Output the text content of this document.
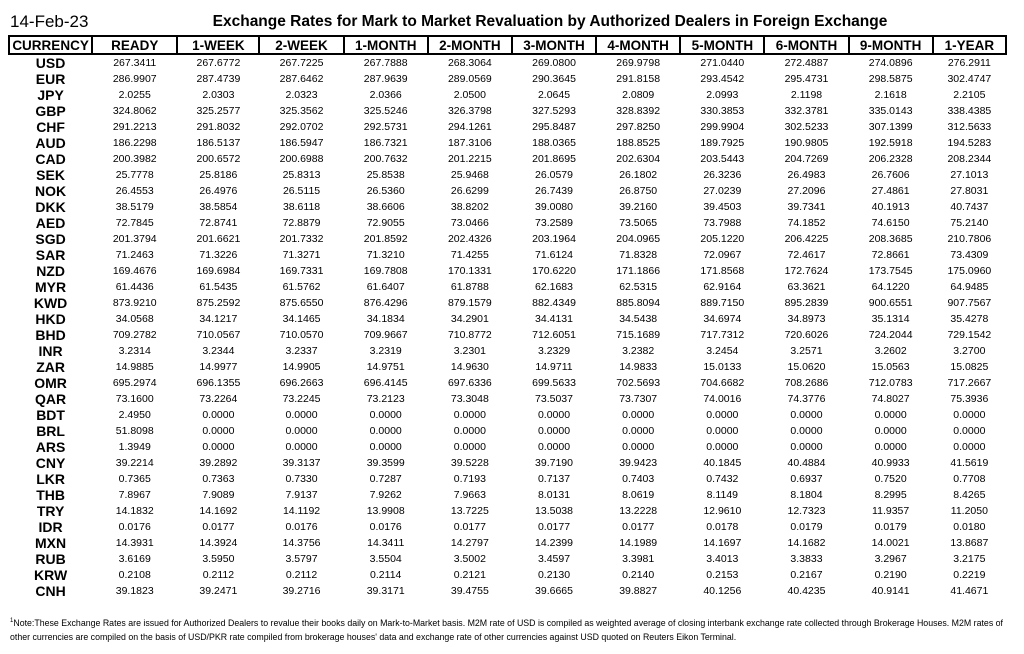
14-Feb-23	Exchange Rates for Mark to Market Revaluation by Authorized Dealers in Foreign Exchange
CURRENCY	READY	1-WEEK	2-WEEK	1-MONTH	2-MONTH	3-MONTH	4-MONTH	5-MONTH	6-MONTH	9-MONTH	1-YEAR
USD	267.3411	267.6772	267.7225	267.7888	268.3064	269.0800	269.9798	271.0440	272.4887	274.0896	276.2911
EUR	286.9907	287.4739	287.6462	287.9639	289.0569	290.3645	291.8158	293.4542	295.4731	298.5875	302.4747
JPY	2.0255	2.0303	2.0323	2.0366	2.0500	2.0645	2.0809	2.0993	2.1198	2.1618	2.2105
GBP	324.8062	325.2577	325.3562	325.5246	326.3798	327.5293	328.8392	330.3853	332.3781	335.0143	338.4385
CHF	291.2213	291.8032	292.0702	292.5731	294.1261	295.8487	297.8250	299.9904	302.5233	307.1399	312.5633
AUD	186.2298	186.5137	186.5947	186.7321	187.3106	188.0365	188.8525	189.7925	190.9805	192.5918	194.5283
CAD	200.3982	200.6572	200.6988	200.7632	201.2215	201.8695	202.6304	203.5443	204.7269	206.2328	208.2344
SEK	25.7778	25.8186	25.8313	25.8538	25.9468	26.0579	26.1802	26.3236	26.4983	26.7606	27.1013
NOK	26.4553	26.4976	26.5115	26.5360	26.6299	26.7439	26.8750	27.0239	27.2096	27.4861	27.8031
DKK	38.5179	38.5854	38.6118	38.6606	38.8202	39.0080	39.2160	39.4503	39.7341	40.1913	40.7437
AED	72.7845	72.8741	72.8879	72.9055	73.0466	73.2589	73.5065	73.7988	74.1852	74.6150	75.2140
SGD	201.3794	201.6621	201.7332	201.8592	202.4326	203.1964	204.0965	205.1220	206.4225	208.3685	210.7806
SAR	71.2463	71.3226	71.3271	71.3210	71.4255	71.6124	71.8328	72.0967	72.4617	72.8661	73.4309
NZD	169.4676	169.6984	169.7331	169.7808	170.1331	170.6220	171.1866	171.8568	172.7624	173.7545	175.0960
MYR	61.4436	61.5435	61.5762	61.6407	61.8788	62.1683	62.5315	62.9164	63.3621	64.1220	64.9485
KWD	873.9210	875.2592	875.6550	876.4296	879.1579	882.4349	885.8094	889.7150	895.2839	900.6551	907.7567
HKD	34.0568	34.1217	34.1465	34.1834	34.2901	34.4131	34.5438	34.6974	34.8973	35.1314	35.4278
BHD	709.2782	710.0567	710.0570	709.9667	710.8772	712.6051	715.1689	717.7312	720.6026	724.2044	729.1542
INR	3.2314	3.2344	3.2337	3.2319	3.2301	3.2329	3.2382	3.2454	3.2571	3.2602	3.2700
ZAR	14.9885	14.9977	14.9905	14.9751	14.9630	14.9711	14.9833	15.0133	15.0620	15.0563	15.0825
OMR	695.2974	696.1355	696.2663	696.4145	697.6336	699.5633	702.5693	704.6682	708.2686	712.0783	717.2667
QAR	73.1600	73.2264	73.2245	73.2123	73.3048	73.5037	73.7307	74.0016	74.3776	74.8027	75.3936
BDT	2.4950	0.0000	0.0000	0.0000	0.0000	0.0000	0.0000	0.0000	0.0000	0.0000	0.0000
BRL	51.8098	0.0000	0.0000	0.0000	0.0000	0.0000	0.0000	0.0000	0.0000	0.0000	0.0000
ARS	1.3949	0.0000	0.0000	0.0000	0.0000	0.0000	0.0000	0.0000	0.0000	0.0000	0.0000
CNY	39.2214	39.2892	39.3137	39.3599	39.5228	39.7190	39.9423	40.1845	40.4884	40.9933	41.5619
LKR	0.7365	0.7363	0.7330	0.7287	0.7193	0.7137	0.7403	0.7432	0.6937	0.7520	0.7708
THB	7.8967	7.9089	7.9137	7.9262	7.9663	8.0131	8.0619	8.1149	8.1804	8.2995	8.4265
TRY	14.1832	14.1692	14.1192	13.9908	13.7225	13.5038	13.2228	12.9610	12.7323	11.9357	11.2050
IDR	0.0176	0.0177	0.0176	0.0176	0.0177	0.0177	0.0177	0.0178	0.0179	0.0179	0.0180
MXN	14.3931	14.3924	14.3756	14.3411	14.2797	14.2399	14.1989	14.1697	14.1682	14.0021	13.8687
RUB	3.6169	3.5950	3.5797	3.5504	3.5002	3.4597	3.3981	3.4013	3.3833	3.2967	3.2175
KRW	0.2108	0.2112	0.2112	0.2114	0.2121	0.2130	0.2140	0.2153	0.2167	0.2190	0.2219
CNH	39.1823	39.2471	39.2716	39.3171	39.4755	39.6665	39.8827	40.1256	40.4235	40.9141	41.4671
$^1$Note:These Exchange Rates are issued for Authorized Dealers to revalue their books daily on Mark-to-Market basis. M2M rate of USD is compiled as weighted average of closing interbank exchange rate collected through Brokerage Houses. M2M rates of other currencies are compiled on the basis of USD/PKR rate compiled from brokerage houses' data and exchange rate of other currencies against USD quoted on Reuters Eikon Terminal.
